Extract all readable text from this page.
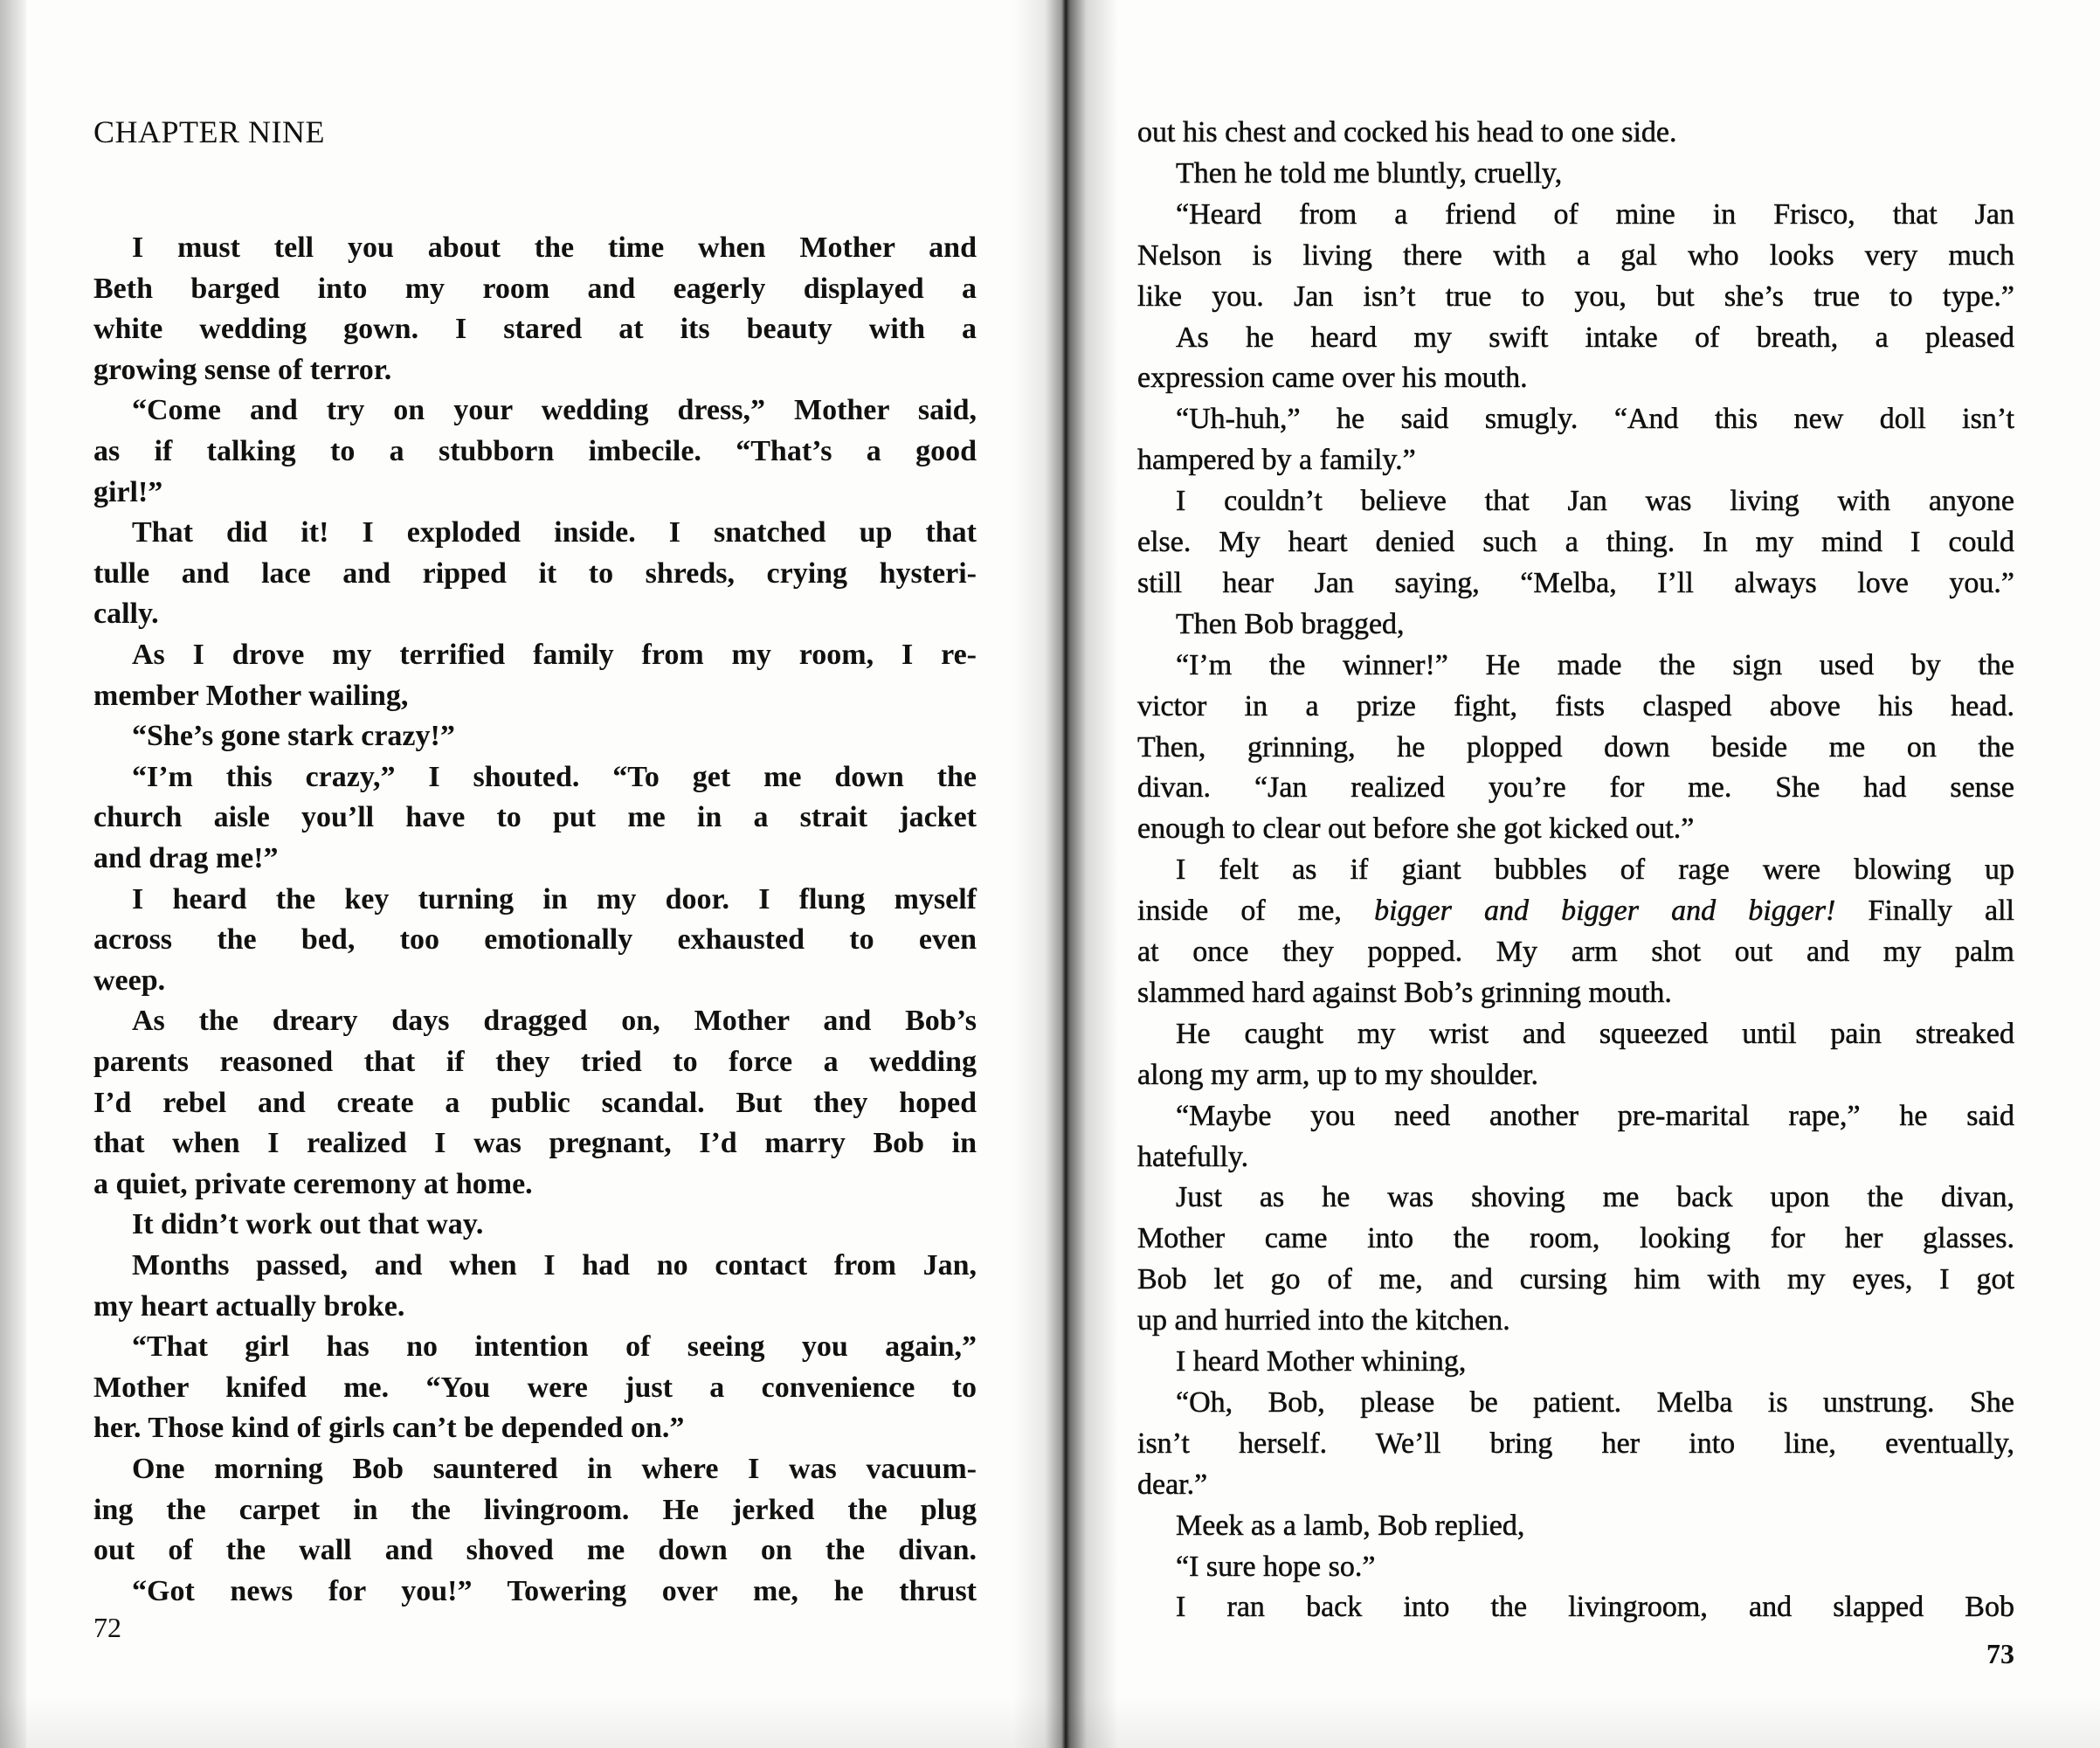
CHAPTER NINE
I must tell you about the time when Mother and
Beth barged into my room and eagerly displayed a
white wedding gown. I stared at its beauty with a
growing sense of terror.
“Come and try on your wedding dress,” Mother said,
as if talking to a stubborn imbecile. “That’s a good
girl!”
That did it! I exploded inside. I snatched up that
tulle and lace and ripped it to shreds, crying hysteri-
cally.
As I drove my terrified family from my room, I re-
member Mother wailing,
“She’s gone stark crazy!”
“I’m this crazy,” I shouted. “To get me down the
church aisle you’ll have to put me in a strait jacket
and drag me!”
I heard the key turning in my door. I flung myself
across the bed, too emotionally exhausted to even
weep.
As the dreary days dragged on, Mother and Bob’s
parents reasoned that if they tried to force a wedding
I’d rebel and create a public scandal. But they hoped
that when I realized I was pregnant, I’d marry Bob in
a quiet, private ceremony at home.
It didn’t work out that way.
Months passed, and when I had no contact from Jan,
my heart actually broke.
“That girl has no intention of seeing you again,”
Mother knifed me. “You were just a convenience to
her. Those kind of girls can’t be depended on.”
One morning Bob sauntered in where I was vacuum-
ing the carpet in the livingroom. He jerked the plug
out of the wall and shoved me down on the divan.
“Got news for you!” Towering over me, he thrust
72
out his chest and cocked his head to one side.
Then he told me bluntly, cruelly,
“Heard from a friend of mine in Frisco, that Jan
Nelson is living there with a gal who looks very much
like you. Jan isn’t true to you, but she’s true to type.”
As he heard my swift intake of breath, a pleased
expression came over his mouth.
“Uh-huh,” he said smugly. “And this new doll isn’t
hampered by a family.”
I couldn’t believe that Jan was living with anyone
else. My heart denied such a thing. In my mind I could
still hear Jan saying, “Melba, I’ll always love you.”
Then Bob bragged,
“I’m the winner!” He made the sign used by the
victor in a prize fight, fists clasped above his head.
Then, grinning, he plopped down beside me on the
divan. “Jan realized you’re for me. She had sense
enough to clear out before she got kicked out.”
I felt as if giant bubbles of rage were blowing up
inside of me, bigger and bigger and bigger! Finally all
at once they popped. My arm shot out and my palm
slammed hard against Bob’s grinning mouth.
He caught my wrist and squeezed until pain streaked
along my arm, up to my shoulder.
“Maybe you need another pre-marital rape,” he said
hatefully.
Just as he was shoving me back upon the divan,
Mother came into the room, looking for her glasses.
Bob let go of me, and cursing him with my eyes, I got
up and hurried into the kitchen.
I heard Mother whining,
“Oh, Bob, please be patient. Melba is unstrung. She
isn’t herself. We’ll bring her into line, eventually,
dear.”
Meek as a lamb, Bob replied,
“I sure hope so.”
I ran back into the livingroom, and slapped Bob
73
